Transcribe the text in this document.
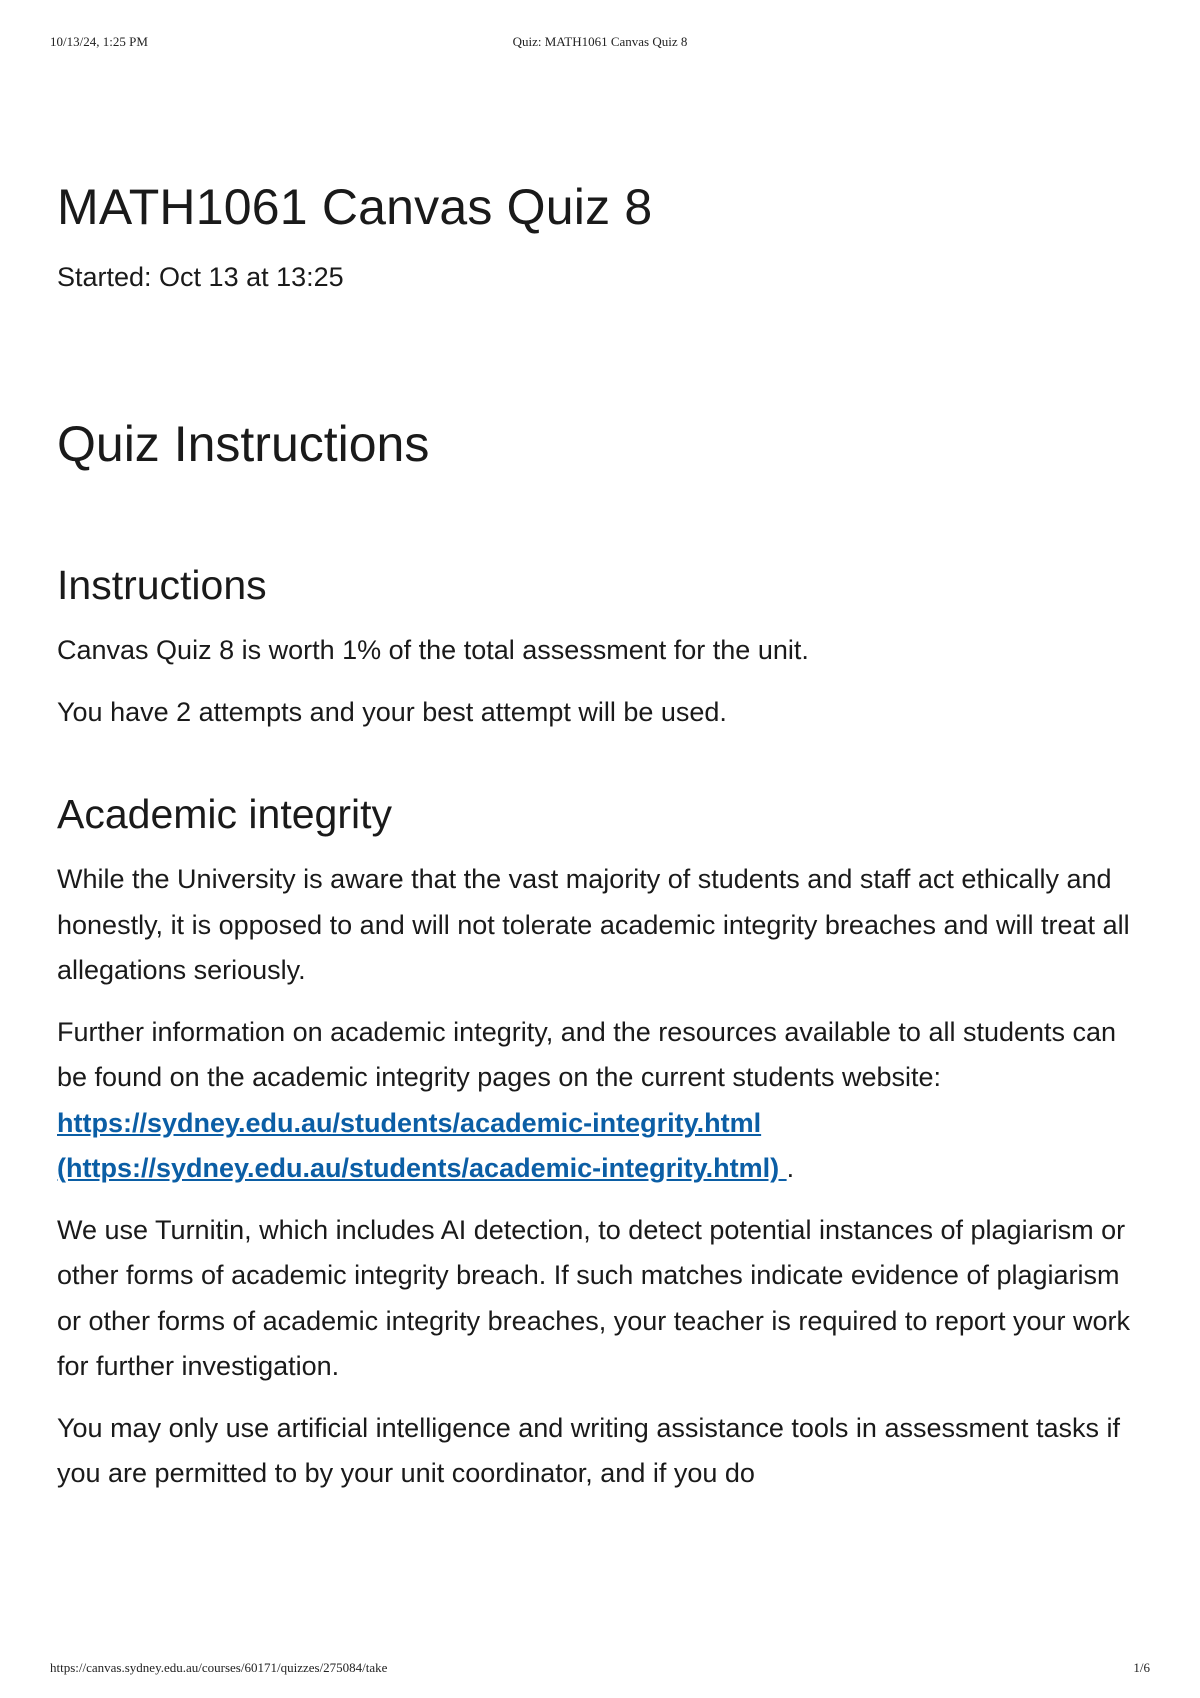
10/13/24, 1:25 PM	Quiz: MATH1061 Canvas Quiz 8
MATH1061 Canvas Quiz 8
Started: Oct 13 at 13:25
Quiz Instructions
Instructions

Canvas Quiz 8 is worth 1% of the total assessment for the unit.

You have 2 attempts and your best attempt will be used.

Academic integrity

While the University is aware that the vast majority of students and staff act ethically and honestly, it is opposed to and will not tolerate academic integrity breaches and will treat all allegations seriously.

Further information on academic integrity, and the resources available to all students can be found on the academic integrity pages on the current students website: https://sydney.edu.au/students/academic-integrity.html (https://sydney.edu.au/students/academic-integrity.html) .

We use Turnitin, which includes AI detection, to detect potential instances of plagiarism or other forms of academic integrity breach. If such matches indicate evidence of plagiarism or other forms of academic integrity breaches, your teacher is required to report your work for further investigation.

You may only use artificial intelligence and writing assistance tools in assessment tasks if you are permitted to by your unit coordinator, and if you do

https://canvas.sydney.edu.au/courses/60171/quizzes/275084/take	1/6
